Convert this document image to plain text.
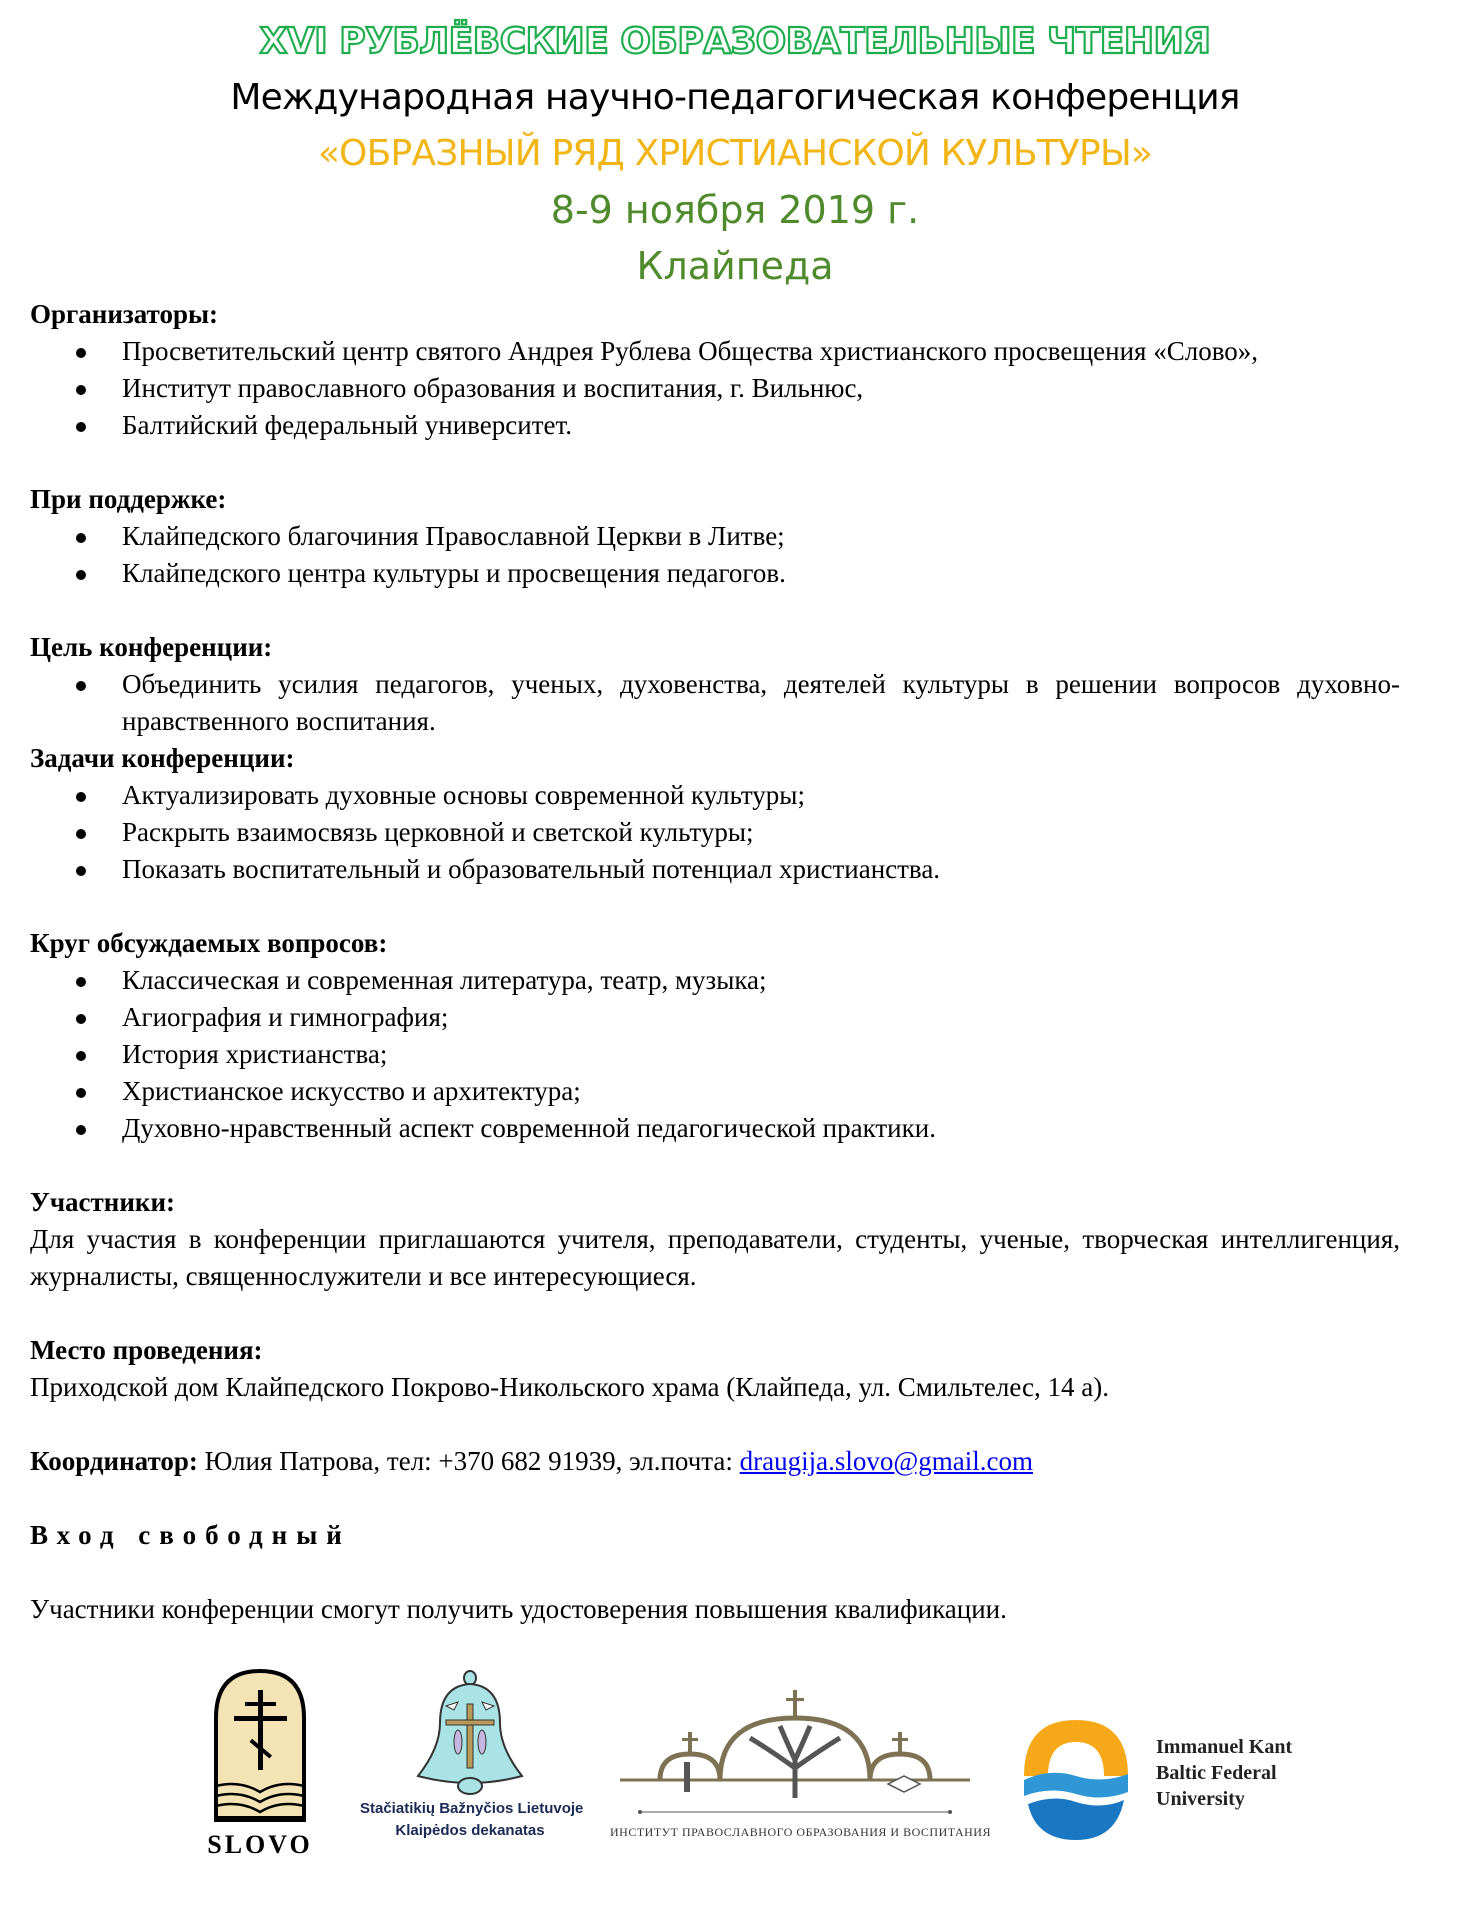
XVI РУБЛЁВСКИЕ ОБРАЗОВАТЕЛЬНЫЕ ЧТЕНИЯ
Международная научно-педагогическая конференция
«ОБРАЗНЫЙ РЯД ХРИСТИАНСКОЙ КУЛЬТУРЫ»
8-9 ноября 2019 г.
Клайпеда

Организаторы:

Просветительский центр святого Андрея Рублева Общества христианского просвещения «Слово»,
Институт православного образования и воспитания, г. Вильнюс,
Балтийский федеральный университет.

При поддержке:

Клайпедского благочиния Православной Церкви в Литве;
Клайпедского центра культуры и просвещения педагогов.

Цель конференции:

Объединить усилия педагогов, ученых, духовенства, деятелей культуры в решении вопросов духовно-нравственного воспитания.

Задачи конференции:

Актуализировать духовные основы современной культуры;
Раскрыть взаимосвязь церковной и светской культуры;
Показать воспитательный и образовательный потенциал христианства.

Круг обсуждаемых вопросов:

Классическая и современная литература, театр, музыка;
Агиография и гимнография;
История христианства;
Христианское искусство и архитектура;
Духовно-нравственный аспект современной педагогической практики.

Участники:

Для участия в конференции приглашаются учителя, преподаватели, студенты, ученые, творческая интеллигенция, журналисты, священнослужители и все интересующиеся.

Место проведения:

Приходской дом Клайпедского Покрово-Никольского храма (Клайпеда, ул. Смильтелес, 14 а).

Координатор: Юлия Патрова, тел: +370 682 91939, эл.почта: draugija.slovo@gmail.com

Вход свободный

Участники конференции смогут получить удостоверения повышения квалификации.

SLOVO
Stačiatikių Bažnyčios Lietuvoje
Klaipėdos dekanatas	ИНСТИТУТ ПРАВОСЛАВНОГО ОБРАЗОВАНИЯ И ВОСПИТАНИЯ
Immanuel Kant
Baltic Federal
University
